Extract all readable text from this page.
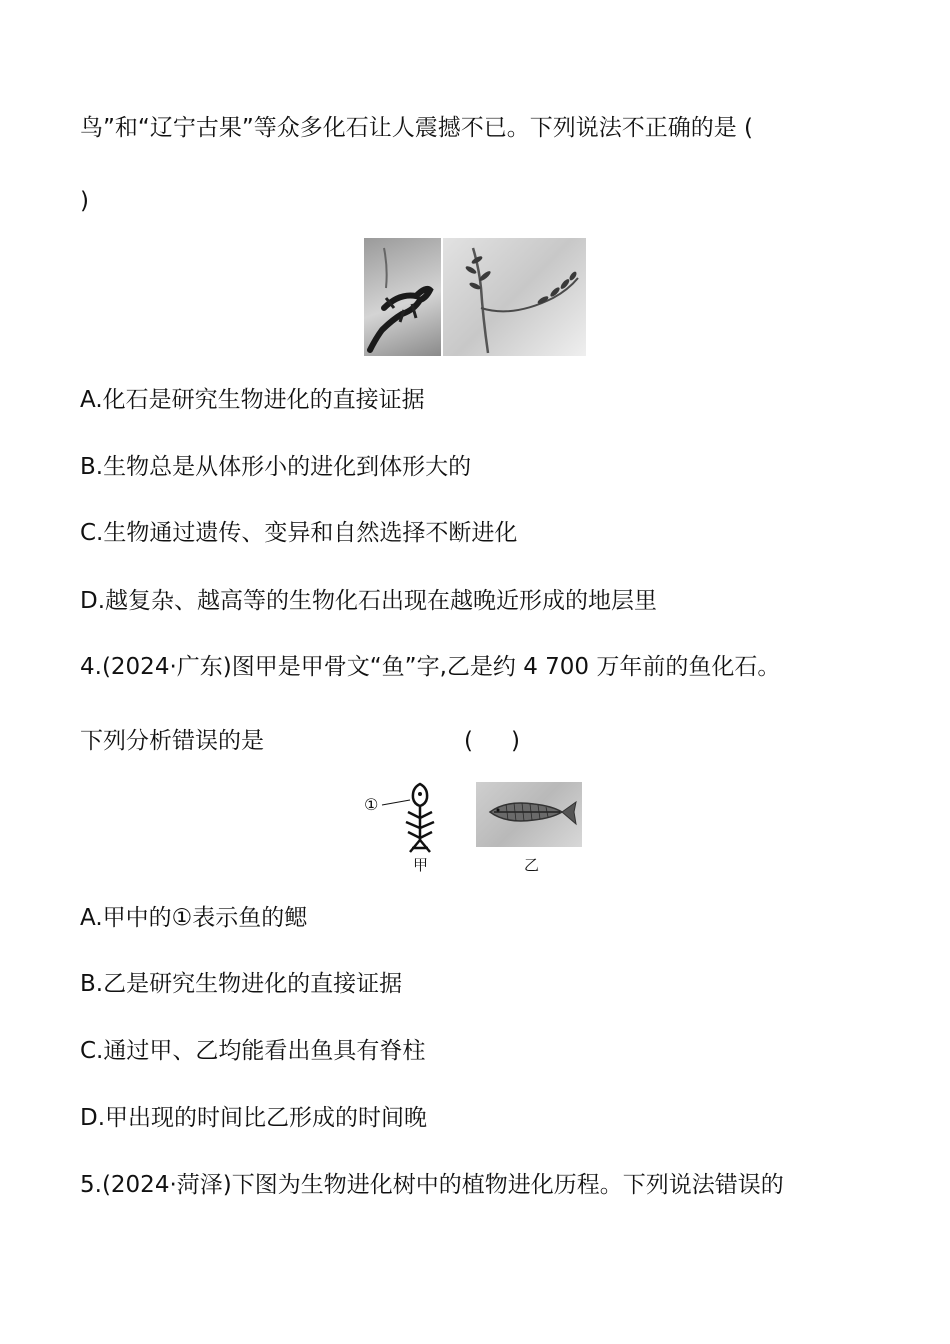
鸟”和“辽宁古果”等众多化石让人震撼不已。下列说法不正确的是 (
)
A.化石是研究生物进化的直接证据
B.生物总是从体形小的进化到体形大的
C.生物通过遗传、变异和自然选择不断进化
D.越复杂、越高等的生物化石出现在越晚近形成的地层里
4.(2024·广东)图甲是甲骨文“鱼”字,乙是约 4 700 万年前的鱼化石。
下列分析错误的是	( )
①
甲	乙
A.甲中的①表示鱼的鳃
B.乙是研究生物进化的直接证据
C.通过甲、乙均能看出鱼具有脊柱
D.甲出现的时间比乙形成的时间晚
5.(2024·菏泽)下图为生物进化树中的植物进化历程。下列说法错误的
